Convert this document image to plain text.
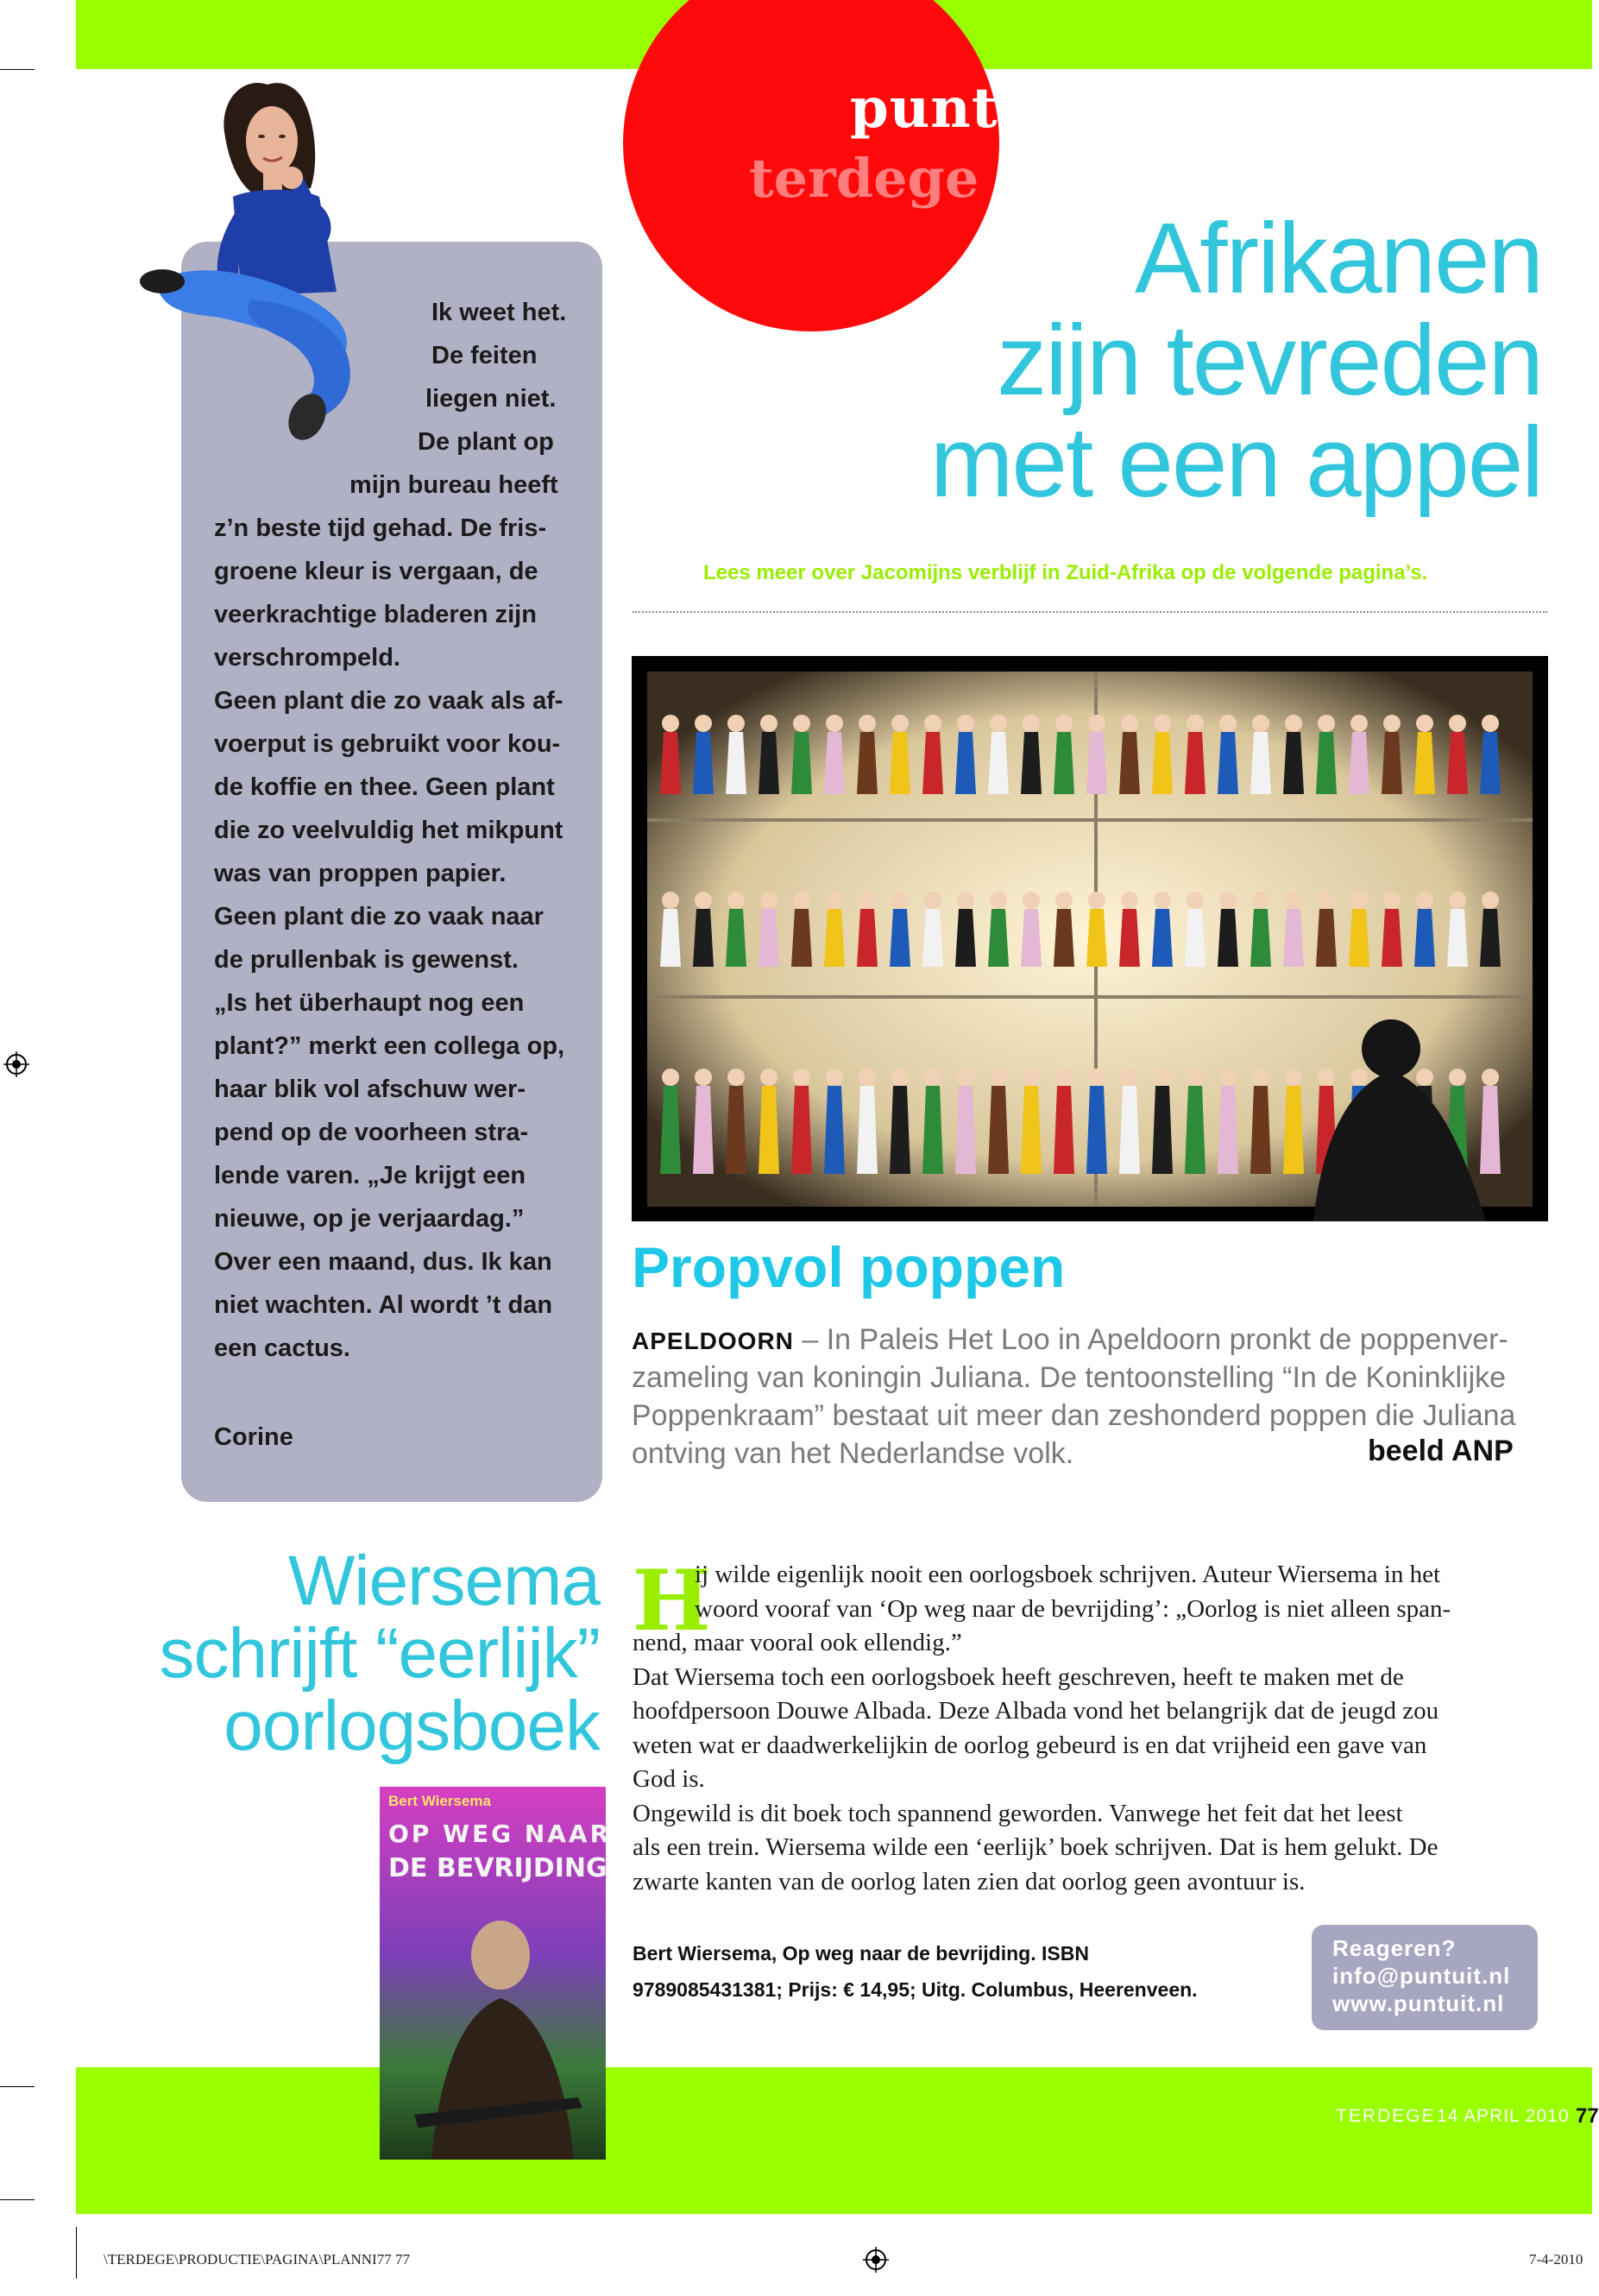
puntuit
terdege
Ik weet het.
De feiten
liegen niet.
De plant op
mijn bureau heeft
z’n beste tijd gehad. De fris-
groene kleur is vergaan, de
veerkrachtige bladeren zijn
verschrompeld.
Geen plant die zo vaak als af-
voerput is gebruikt voor kou-
de koffie en thee. Geen plant
die zo veelvuldig het mikpunt
was van proppen papier.
Geen plant die zo vaak naar
de prullenbak is gewenst.
„Is het überhaupt nog een
plant?” merkt een collega op,
haar blik vol afschuw wer-
pend op de voorheen stra-
lende varen. „Je krijgt een
nieuwe, op je verjaardag.”
Over een maand, dus. Ik kan
niet wachten. Al wordt ’t dan
een cactus.
Corine
Afrikanen
zijn tevreden
met een appel
Lees meer over Jacomijns verblijf in Zuid-Afrika op de volgende pagina’s.
Propvol poppen
APELDOORN – In Paleis Het Loo in Apeldoorn pronkt de poppenver-
zameling van koningin Juliana. De tentoonstelling “In de Koninklijke
Poppenkraam” bestaat uit meer dan zeshonderd poppen die Juliana
ontving van het Nederlandse volk.	beeld ANP
Wiersema
schrijft “eerlijk”
oorlogsboek
Bert Wiersema
OP WEG NAAR
DE BEVRIJDING
H
ij wilde eigenlijk nooit een oorlogsboek schrijven. Auteur Wiersema in het
woord vooraf van ‘Op weg naar de bevrijding’: „Oorlog is niet alleen span-
nend, maar vooral ook ellendig.”
Dat Wiersema toch een oorlogsboek heeft geschreven, heeft te maken met de
hoofdpersoon Douwe Albada. Deze Albada vond het belangrijk dat de jeugd zou
weten wat er daadwerkelijkin de oorlog gebeurd is en dat vrijheid een gave van
God is.
Ongewild is dit boek toch spannend geworden. Vanwege het feit dat het leest
als een trein. Wiersema wilde een ‘eerlijk’ boek schrijven. Dat is hem gelukt. De
zwarte kanten van de oorlog laten zien dat oorlog geen avontuur is.
Bert Wiersema, Op weg naar de bevrijding. ISBN
9789085431381; Prijs: € 14,95; Uitg. Columbus, Heerenveen.
Reageren?
info@puntuit.nl
www.puntuit.nl
TERDEGE 14 APRIL 2010 77
\TERDEGE\PRODUCTIE\PAGINA\PLANNI77 77	7-4-2010
